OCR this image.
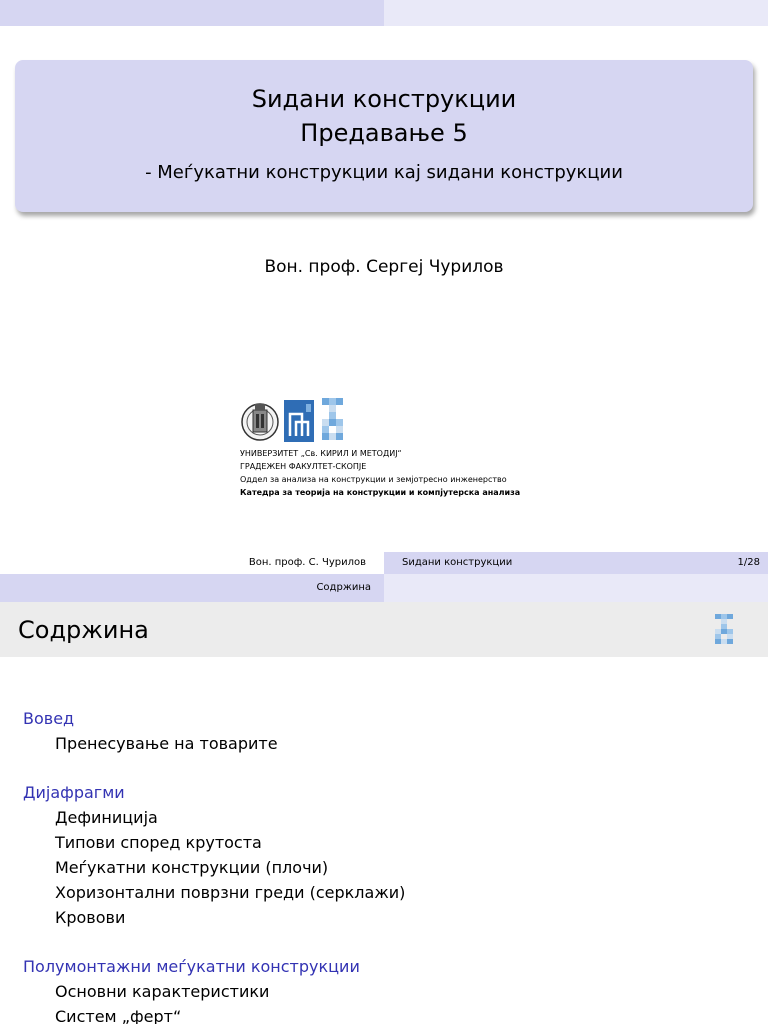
Ѕидани конструкции
Предавање 5
- Меѓукатни конструкции кај ѕидани конструкции
Вон. проф. Сергеј Чурилов
УНИВЕРЗИТЕТ „Св. КИРИЛ И МЕТОДИЈ“
ГРАДЕЖЕН ФАКУЛТЕТ-СКОПЈЕ
Оддел за анализа на конструкции и земјотресно инженерство
Катедра за теорија на конструкции и компјутерска анализа
Вон. проф. С. Чурилов	Ѕидани конструкции	1/28
Содржина
Содржина
Вовед
Пренесување на товарите
Дијафрагми
Дефиниција
Типови според крутоста
Меѓукатни конструкции (плочи)
Хоризонтални поврзни греди (серклажи)
Кровови
Полумонтажни меѓукатни конструкции
Основни карактеристики
Систем „ферт“
